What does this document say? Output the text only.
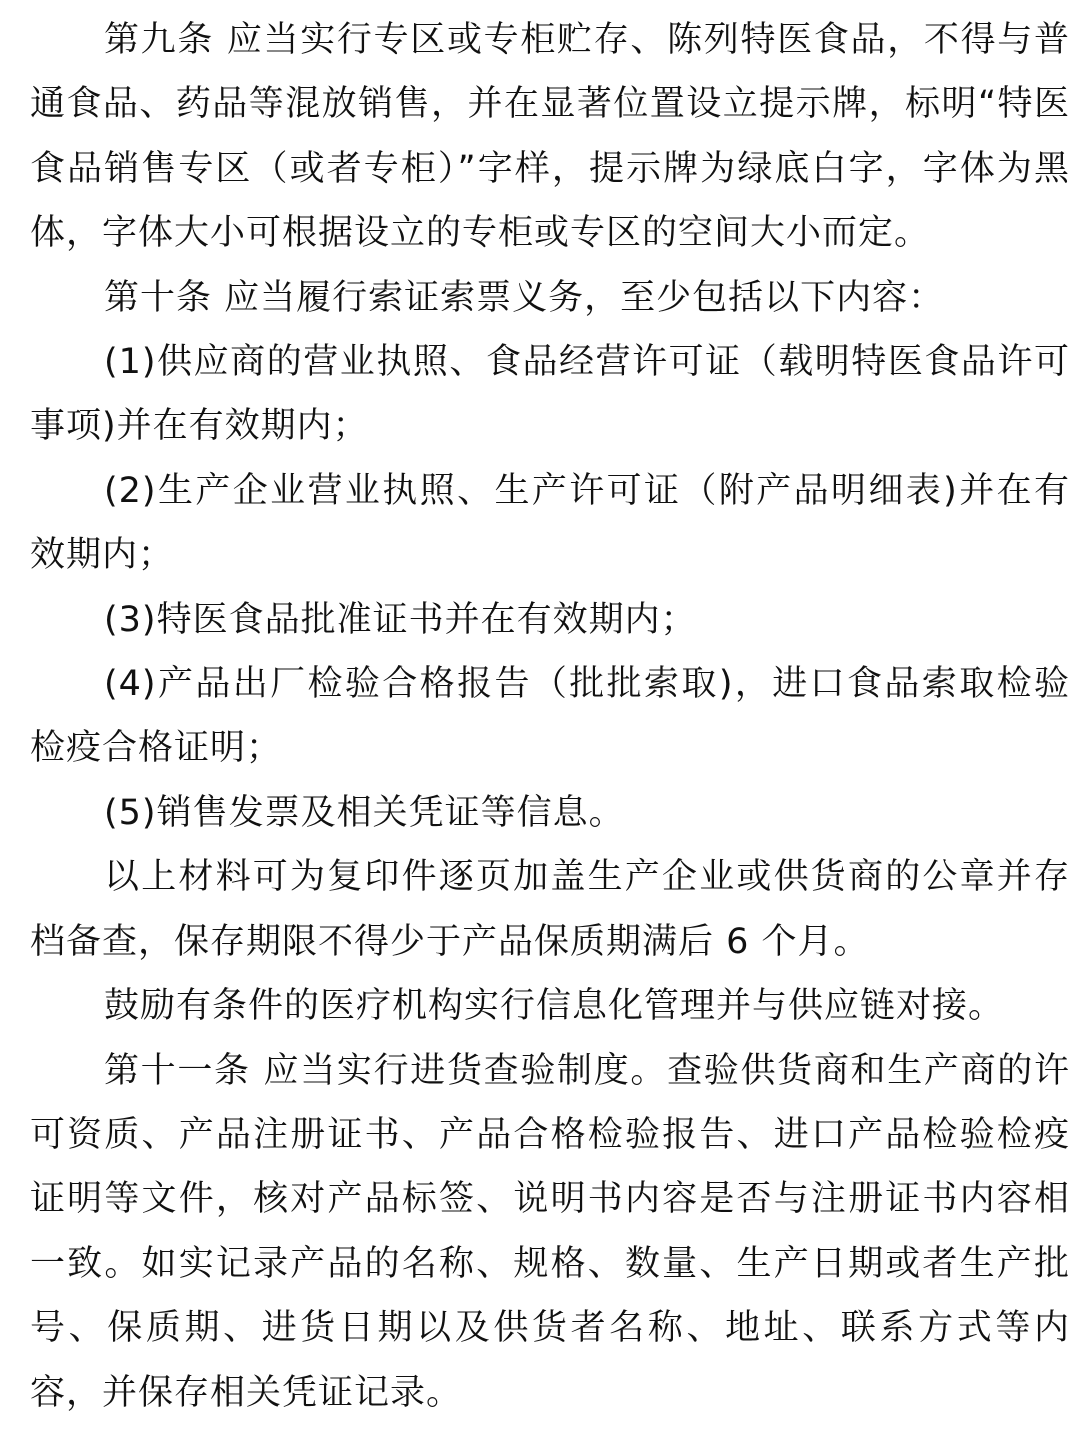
第九条 应当实行专区或专柜贮存、陈列特医食品，不得与普通食品、药品等混放销售，并在显著位置设立提示牌，标明“特医食品销售专区（或者专柜）”字样，提示牌为绿底白字，字体为黑体，字体大小可根据设立的专柜或专区的空间大小而定。

第十条 应当履行索证索票义务，至少包括以下内容：

(1)供应商的营业执照、食品经营许可证（载明特医食品许可事项)并在有效期内；

(2)生产企业营业执照、生产许可证（附产品明细表)并在有效期内；

(3)特医食品批准证书并在有效期内；

(4)产品出厂检验合格报告（批批索取)，进口食品索取检验检疫合格证明；

(5)销售发票及相关凭证等信息。

以上材料可为复印件逐页加盖生产企业或供货商的公章并存档备查，保存期限不得少于产品保质期满后 6 个月。

鼓励有条件的医疗机构实行信息化管理并与供应链对接。

第十一条 应当实行进货查验制度。查验供货商和生产商的许可资质、产品注册证书、产品合格检验报告、进口产品检验检疫证明等文件，核对产品标签、说明书内容是否与注册证书内容相一致。如实记录产品的名称、规格、数量、生产日期或者生产批号、保质期、进货日期以及供货者名称、地址、联系方式等内容，并保存相关凭证记录。
